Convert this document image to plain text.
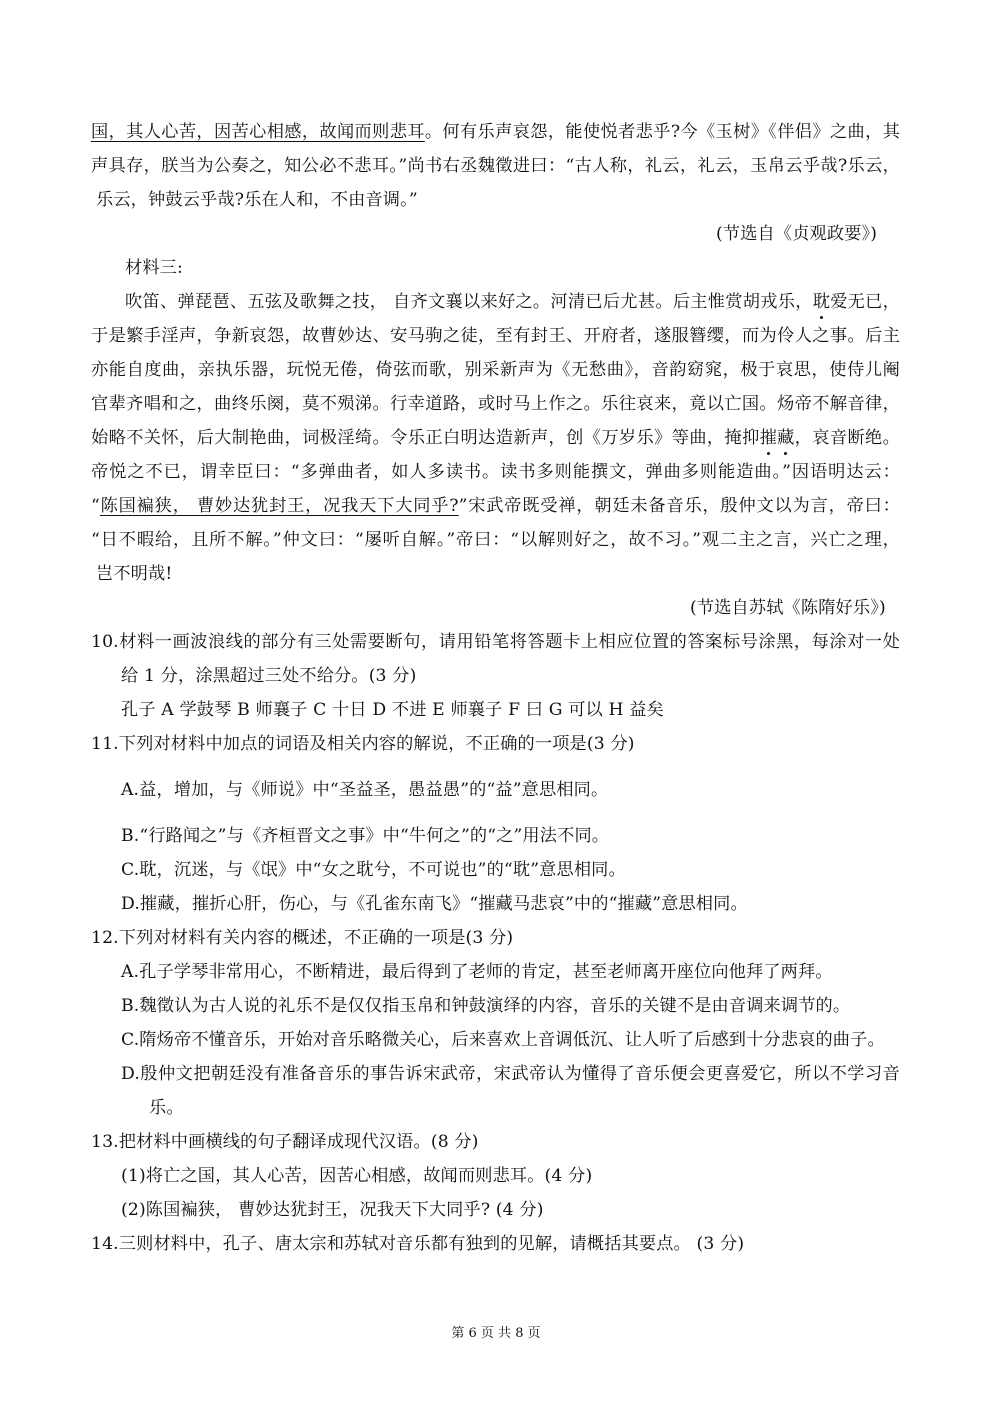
国，其人心苦，因苦心相感，故闻而则悲耳。何有乐声哀怨，能使悦者悲乎?今《玉树》《伴侣》之曲，其
声具存，朕当为公奏之，知公必不悲耳。”尚书右丞魏徵进曰：“古人称，礼云，礼云，玉帛云乎哉?乐云，
乐云，钟鼓云乎哉?乐在人和，不由音调。”
(节选自《贞观政要》)
材料三:
吹笛、弹琵琶、五弦及歌舞之技， 自齐文襄以来好之。河清已后尤甚。后主惟赏胡戎乐，耽爱无已，
于是繁手淫声，争新哀怨，故曹妙达、安马驹之徒，至有封王、开府者，遂服簪缨，而为伶人之事。后主
亦能自度曲，亲执乐器，玩悦无倦，倚弦而歌，别采新声为《无愁曲》，音韵窈窕，极于哀思，使侍儿阉
官辈齐唱和之，曲终乐阕，莫不殒涕。行幸道路，或时马上作之。乐往哀来，竟以亡国。炀帝不解音律，
始略不关怀，后大制艳曲，词极淫绮。令乐正白明达造新声，创《万岁乐》等曲，掩抑摧藏，哀音断绝。
帝悦之不已，谓幸臣曰：“多弹曲者，如人多读书。读书多则能撰文，弹曲多则能造曲。”因语明达云：
“陈国褊狭， 曹妙达犹封王，况我天下大同乎?”宋武帝既受禅，朝廷未备音乐，殷仲文以为言，帝曰：
“日不暇给，且所不解。”仲文曰：“屡听自解。”帝曰：“以解则好之，故不习。”观二主之言，兴亡之理，
岂不明哉!
(节选自苏轼《陈隋好乐》)
10.材料一画波浪线的部分有三处需要断句，请用铅笔将答题卡上相应位置的答案标号涂黑，每涂对一处
给 1 分，涂黑超过三处不给分。(3 分)
孔子 A 学鼓琴 B 师襄子 C 十日 D 不进 E 师襄子 F 曰 G 可以 H 益矣
11.下列对材料中加点的词语及相关内容的解说，不正确的一项是(3 分)
A.益，增加，与《师说》中“圣益圣，愚益愚”的“益”意思相同。
B.“行路闻之”与《齐桓晋文之事》中“牛何之”的“之”用法不同。
C.耽，沉迷，与《氓》中“女之耽兮，不可说也”的“耽”意思相同。
D.摧藏，摧折心肝，伤心，与《孔雀东南飞》“摧藏马悲哀”中的“摧藏”意思相同。
12.下列对材料有关内容的概述，不正确的一项是(3 分)
A.孔子学琴非常用心，不断精进，最后得到了老师的肯定，甚至老师离开座位向他拜了两拜。
B.魏徵认为古人说的礼乐不是仅仅指玉帛和钟鼓演绎的内容，音乐的关键不是由音调来调节的。
C.隋炀帝不懂音乐，开始对音乐略微关心，后来喜欢上音调低沉、让人听了后感到十分悲哀的曲子。
D.殷仲文把朝廷没有准备音乐的事告诉宋武帝，宋武帝认为懂得了音乐便会更喜爱它，所以不学习音
乐。
13.把材料中画横线的句子翻译成现代汉语。(8 分)
(1)将亡之国，其人心苦，因苦心相感，故闻而则悲耳。(4 分)
(2)陈国褊狭， 曹妙达犹封王，况我天下大同乎? (4 分)
14.三则材料中，孔子、唐太宗和苏轼对音乐都有独到的见解，请概括其要点。 (3 分)
第 6 页 共 8 页
